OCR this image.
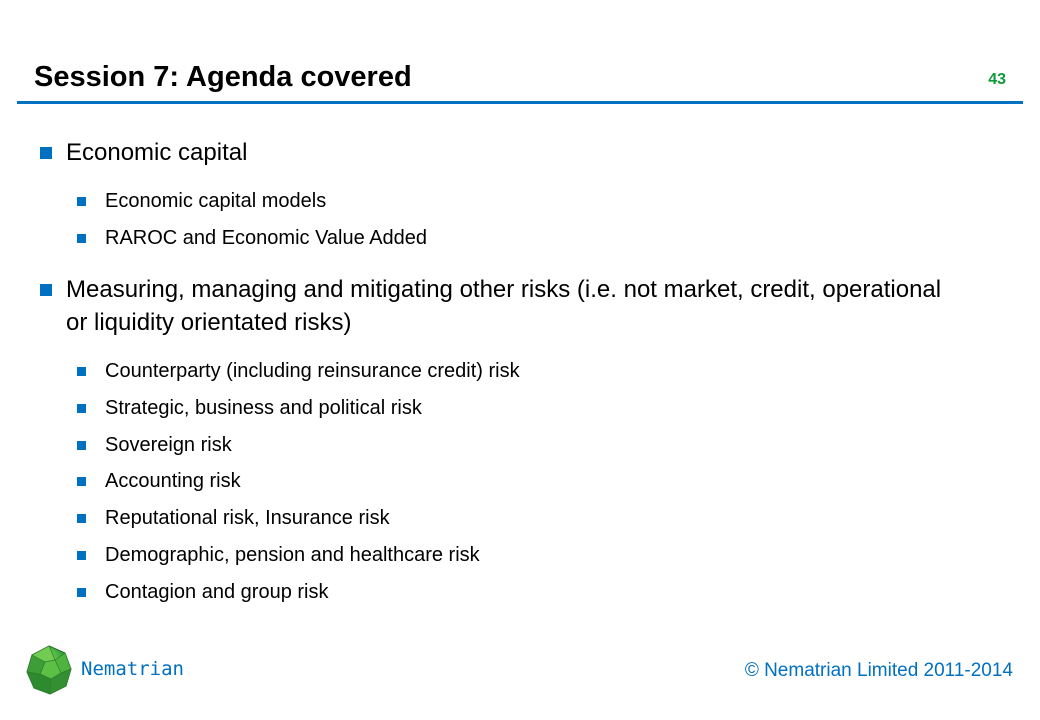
Session 7: Agenda covered	43
Economic capital
Economic capital models
RAROC and Economic Value Added
Measuring, managing and mitigating other risks (i.e. not market, credit, operational or liquidity orientated risks)
Counterparty (including reinsurance credit) risk
Strategic, business and political risk
Sovereign risk
Accounting risk
Reputational risk, Insurance risk
Demographic, pension and healthcare risk
Contagion and group risk
Nematrian	© Nematrian Limited 2011-2014
